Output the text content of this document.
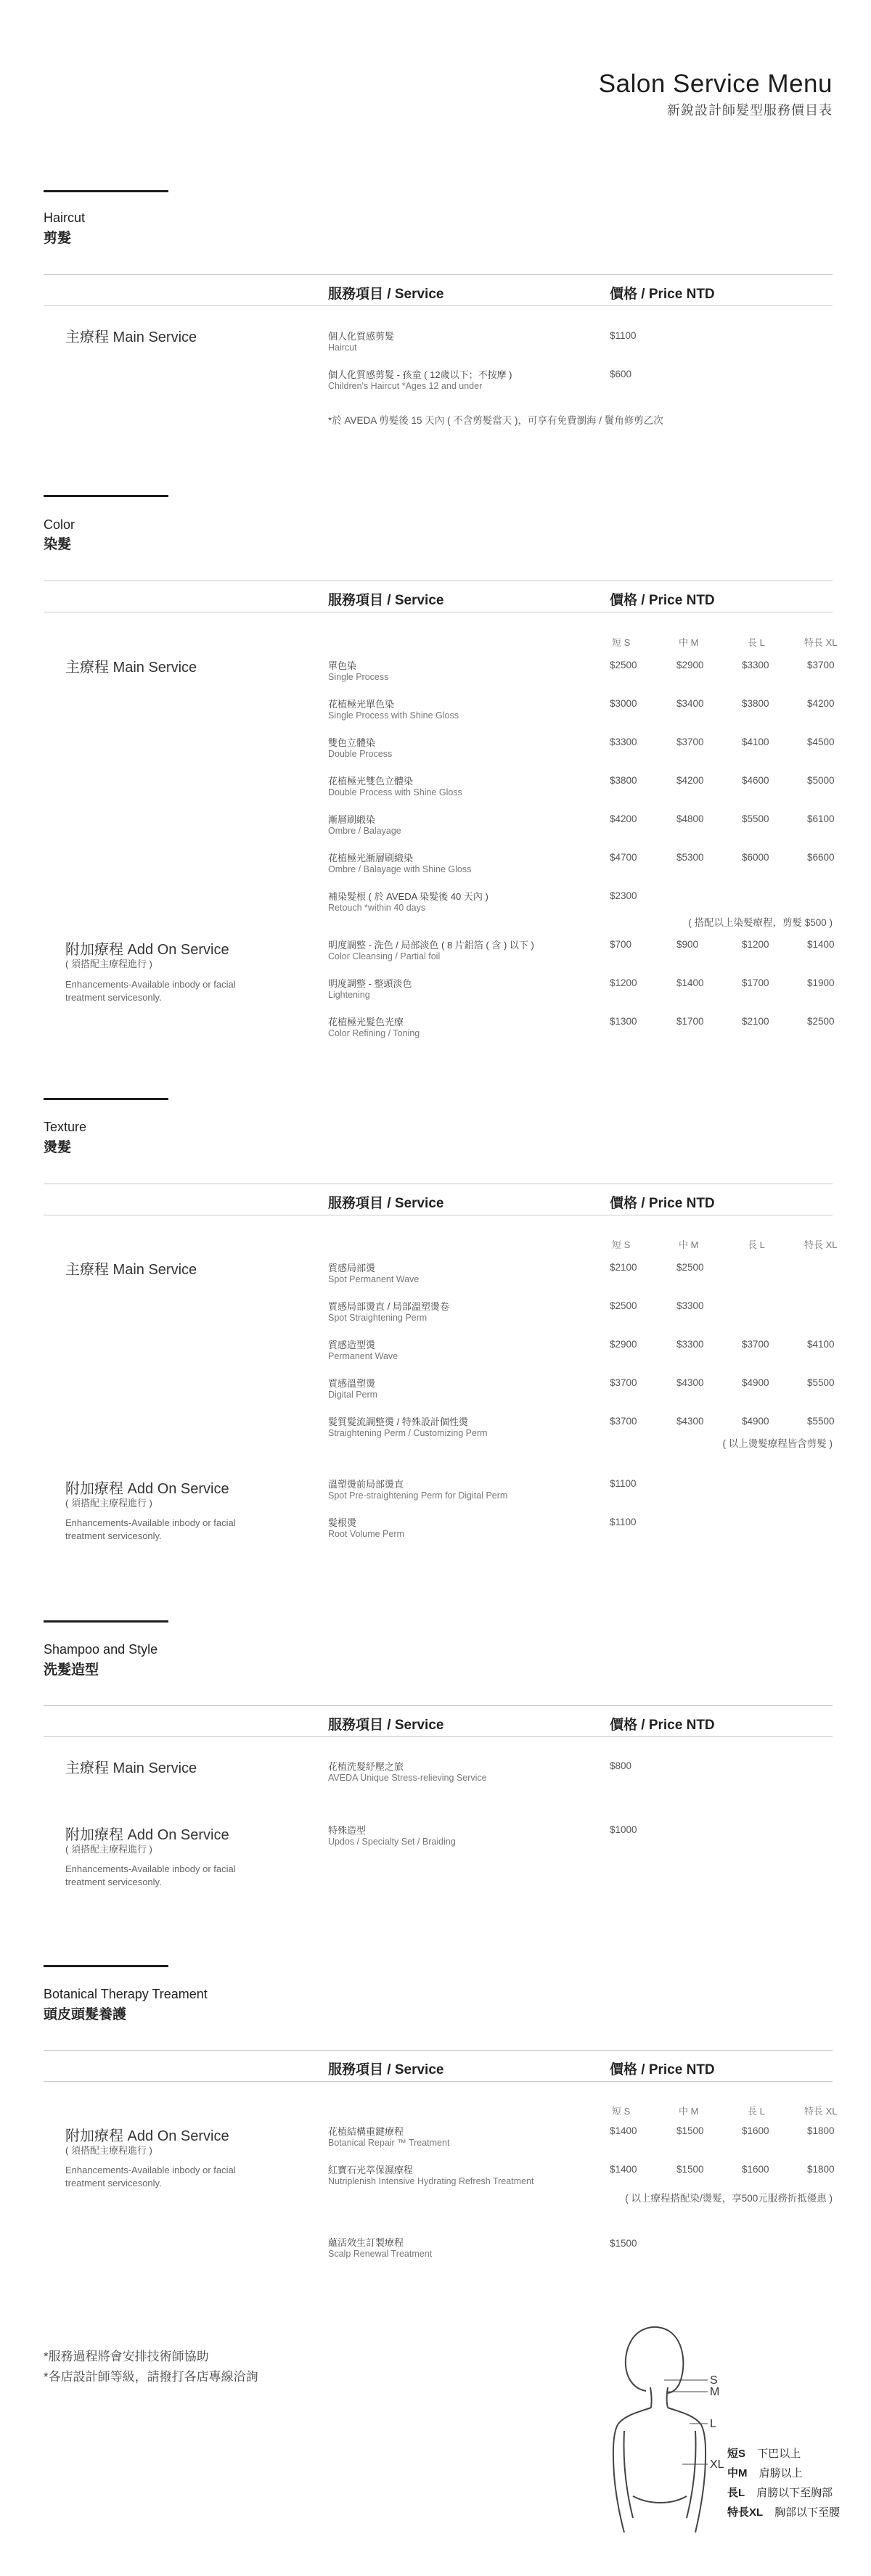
Salon Service Menu
新銳設計師髮型服務價目表
Haircut
剪髮
服務項目 / Service	價格 / Price NTD
主療程 Main Service	個人化質感剪髮
Haircut
$1100
個人化質感剪髮 - 孩童 ( 12歲以下；不按摩 )
Children's Haircut *Ages 12 and under
$600
*於 AVEDA 剪髮後 15 天內 ( 不含剪髮當天 )，可享有免費瀏海 / 鬢角修剪乙次
Color
染髮
服務項目 / Service	價格 / Price NTD
短 S	中 M	長 L	特長 XL
主療程 Main Service	單色染
Single Process
$2500	$2900	$3300	$3700
花植極光單色染
Single Process with Shine Gloss
$3000	$3400	$3800	$4200
雙色立體染
Double Process
$3300	$3700	$4100	$4500
花植極光雙色立體染
Double Process with Shine Gloss
$3800	$4200	$4600	$5000
漸層刷緞染
Ombre / Balayage
$4200	$4800	$5500	$6100
花植極光漸層刷緞染
Ombre / Balayage with Shine Gloss
$4700	$5300	$6000	$6600
補染髮根 ( 於 AVEDA 染髮後 40 天內 )
Retouch *within 40 days
$2300
( 搭配以上染髮療程，剪髮 $500 )
附加療程 Add On Service
( 須搭配主療程進行 )
Enhancements-Available inbody or facial treatment servicesonly.
明度調整 - 洗色 / 局部淡色 ( 8 片鋁箔 ( 含 ) 以下 )
Color Cleansing / Partial foil
$700	$900	$1200	$1400
明度調整 - 整頭淡色
Lightening
$1200	$1400	$1700	$1900
花植極光髮色光療
Color Refining / Toning
$1300	$1700	$2100	$2500
Texture
燙髮
服務項目 / Service	價格 / Price NTD
短 S	中 M	長 L	特長 XL
主療程 Main Service	質感局部燙
Spot Permanent Wave
$2100	$2500
質感局部燙直 / 局部溫塑燙卷
Spot Straightening Perm
$2500	$3300
質感造型燙
Permanent Wave
$2900	$3300	$3700	$4100
質感溫塑燙
Digital Perm
$3700	$4300	$4900	$5500
髮質髮流調整燙 / 特殊設計個性燙
Straightening Perm / Customizing Perm
$3700	$4300	$4900	$5500
( 以上燙髮療程皆含剪髮 )
附加療程 Add On Service
( 須搭配主療程進行 )
Enhancements-Available inbody or facial treatment servicesonly.
溫塑燙前局部燙直
Spot Pre-straightening Perm for Digital Perm
$1100
髮根燙
Root Volume Perm
$1100
Shampoo and Style
洗髮造型
服務項目 / Service	價格 / Price NTD
主療程 Main Service	花植洗髮紓壓之旅
AVEDA Unique Stress-relieving Service
$800
附加療程 Add On Service
( 須搭配主療程進行 )
Enhancements-Available inbody or facial treatment servicesonly.
特殊造型
Updos / Specialty Set / Braiding
$1000
Botanical Therapy Treament
頭皮頭髮養護
服務項目 / Service	價格 / Price NTD
短 S	中 M	長 L	特長 XL
附加療程 Add On Service
( 須搭配主療程進行 )
Enhancements-Available inbody or facial treatment servicesonly.
花植結構重鍵療程
Botanical Repair ™ Treatment
$1400	$1500	$1600	$1800
紅寶石光萃保濕療程
Nutriplenish Intensive Hydrating Refresh Treatment
$1400	$1500	$1600	$1800
( 以上療程搭配染/燙髮，享500元服務折抵優惠 )
蘊活效生訂製療程
Scalp Renewal Treatment
$1500
*服務過程將會安排技術師協助
*各店設計師等級，請撥打各店專線洽詢	S
M
L
XL
短S 下巴以上
中M 肩膀以上
長L 肩膀以下至胸部
特長XL 胸部以下至腰
